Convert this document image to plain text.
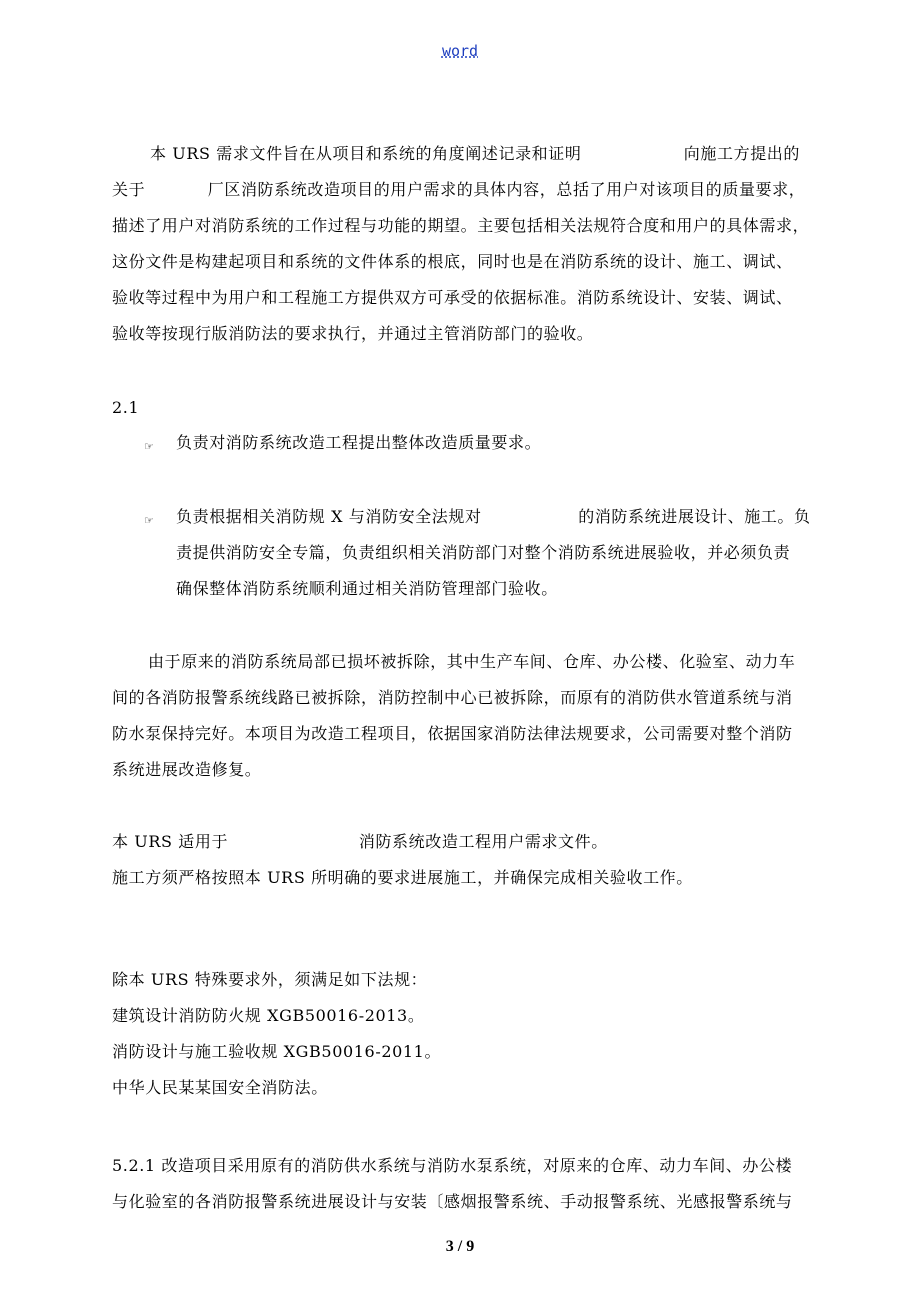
word
本 URS 需求文件旨在从项目和系统的角度阐述记录和证明                  向施工方提出的
关于           厂区消防系统改造项目的用户需求的具体内容，总括了用户对该项目的质量要求，
描述了用户对消防系统的工作过程与功能的期望。主要包括相关法规符合度和用户的具体需求，
这份文件是构建起项目和系统的文件体系的根底，同时也是在消防系统的设计、施工、调试、
验收等过程中为用户和工程施工方提供双方可承受的依据标准。消防系统设计、安装、调试、
验收等按现行版消防法的要求执行，并通过主管消防部门的验收。
2.1
☞ 负责对消防系统改造工程提出整体改造质量要求。
☞ 负责根据相关消防规 X 与消防安全法规对                 的消防系统进展设计、施工。负
责提供消防安全专篇，负责组织相关消防部门对整个消防系统进展验收，并必须负责
确保整体消防系统顺利通过相关消防管理部门验收。
由于原来的消防系统局部已损坏被拆除，其中生产车间、仓库、办公楼、化验室、动力车
间的各消防报警系统线路已被拆除，消防控制中心已被拆除，而原有的消防供水管道系统与消
防水泵保持完好。本项目为改造工程项目，依据国家消防法律法规要求，公司需要对整个消防
系统进展改造修复。
本 URS 适用于                       消防系统改造工程用户需求文件。
施工方须严格按照本 URS 所明确的要求进展施工，并确保完成相关验收工作。
除本 URS 特殊要求外，须满足如下法规：
建筑设计消防防火规 XGB50016-2013。
消防设计与施工验收规 XGB50016-2011。
中华人民某某国安全消防法。
5.2.1 改造项目采用原有的消防供水系统与消防水泵系统，对原来的仓库、动力车间、办公楼
与化验室的各消防报警系统进展设计与安装〔感烟报警系统、手动报警系统、光感报警系统与
3 / 9
